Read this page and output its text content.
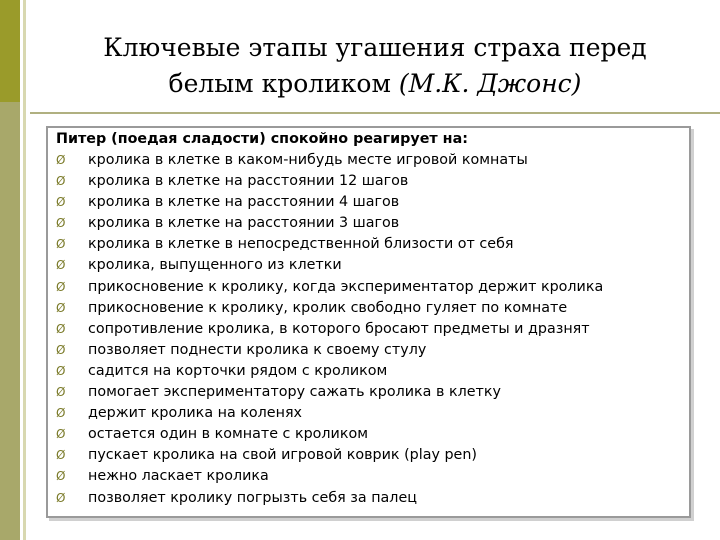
Ключевые этапы угашения страха перед
белым кроликом (М.К. Джонс)

Питер (поедая сладости) спокойно реагирует на:

Ø кролика в клетке в каком-нибудь месте игровой комнаты
Ø кролика в клетке на расстоянии 12 шагов
Ø кролика в клетке на расстоянии 4 шагов
Ø кролика в клетке на расстоянии 3 шагов
Ø кролика в клетке в непосредственной близости от себя
Ø кролика, выпущенного из клетки
Ø прикосновение к кролику, когда экспериментатор держит кролика
Ø прикосновение к кролику, кролик свободно гуляет по комнате
Ø сопротивление кролика, в которого бросают предметы и дразнят
Ø позволяет поднести кролика к своему стулу
Ø садится на корточки рядом с кроликом
Ø помогает экспериментатору сажать кролика в клетку
Ø держит кролика на коленях
Ø остается один в комнате с кроликом
Ø пускает кролика на свой игровой коврик (play pen)
Ø нежно ласкает кролика
Ø позволяет кролику погрызть себя за палец
